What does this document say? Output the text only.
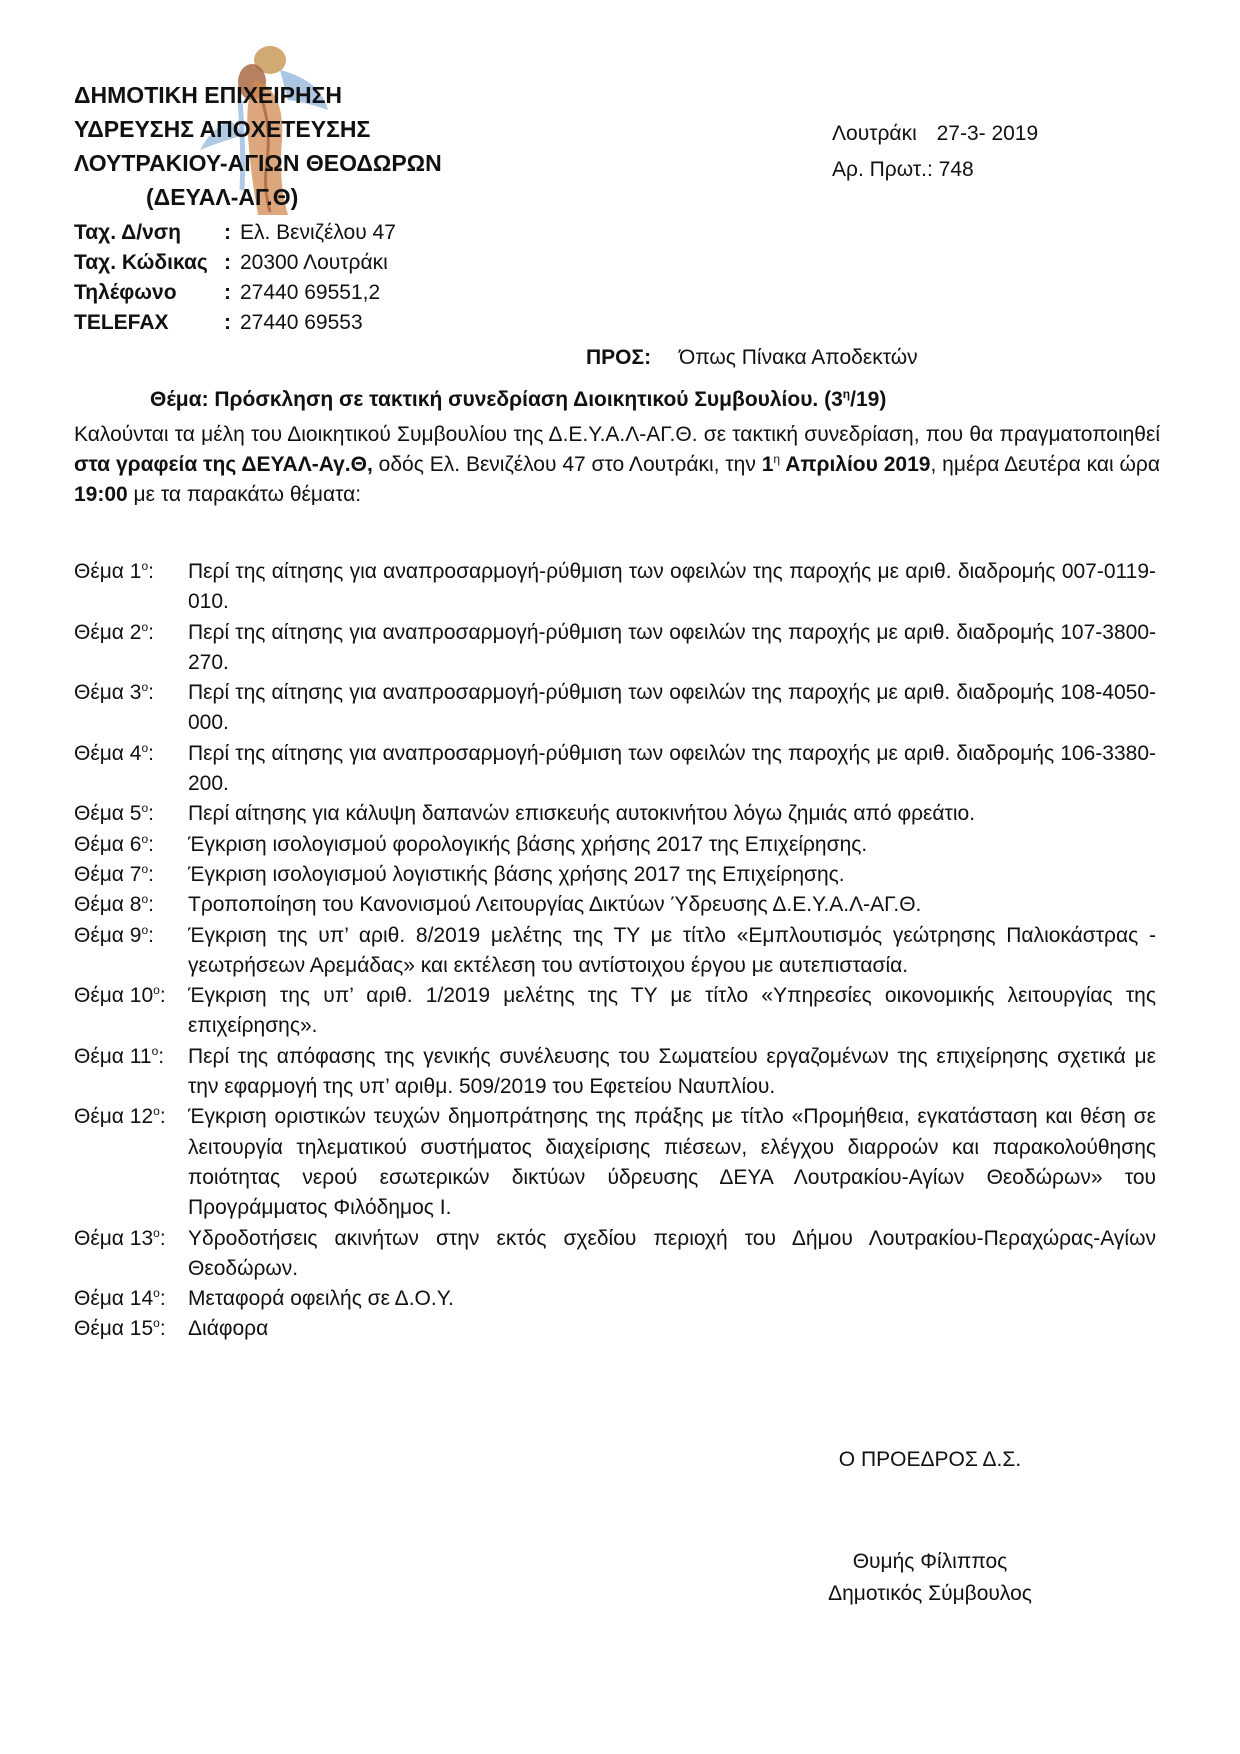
ΔΗΜΟΤΙΚΗ ΕΠΙΧΕΙΡΗΣΗ
ΥΔΡΕΥΣΗΣ ΑΠΟΧΕΤΕΥΣΗΣ
ΛΟΥΤΡΑΚΙΟΥ-ΑΓΙΩΝ ΘΕΟΔΩΡΩΝ
(ΔΕΥΑΛ-ΑΓ.Θ)
Ταχ. Δ/νση	: Ελ. Βενιζέλου 47
Ταχ. Κώδικας : 20300 Λουτράκι
Τηλέφωνο	: 27440 69551,2
TELEFAX	: 27440 69553
Λουτράκι 27-3- 2019
Αρ. Πρωτ.: 748
ΠΡΟΣ: Όπως Πίνακα Αποδεκτών
Θέμα: Πρόσκληση σε τακτική συνεδρίαση Διοικητικού Συμβουλίου. $(3^\eta/19)$
Καλούνται τα μέλη του Διοικητικού Συμβουλίου της Δ.Ε.Υ.Α.Λ-ΑΓ.Θ. σε τακτική συνεδρίαση, που θα πραγματοποιηθεί στα γραφεία της ΔΕΥΑΛ-Αγ.Θ, οδός Ελ. Βενιζέλου 47 στο Λουτράκι, την $1^\eta$ Απριλίου 2019, ημέρα Δευτέρα και ώρα 19:00 με τα παρακάτω θέματα:
Θέμα $1^o$:	Περί της αίτησης για αναπροσαρμογή-ρύθμιση των οφειλών της παροχής με αριθ. διαδρομής 007-0119-010.
Θέμα $2^o$:	Περί της αίτησης για αναπροσαρμογή-ρύθμιση των οφειλών της παροχής με αριθ. διαδρομής 107-3800-270.
Θέμα $3^o$:	Περί της αίτησης για αναπροσαρμογή-ρύθμιση των οφειλών της παροχής με αριθ. διαδρομής 108-4050-000.
Θέμα $4^o$:	Περί της αίτησης για αναπροσαρμογή-ρύθμιση των οφειλών της παροχής με αριθ. διαδρομής 106-3380-200.
Θέμα $5^o$:	Περί αίτησης για κάλυψη δαπανών επισκευής αυτοκινήτου λόγω ζημιάς από φρεάτιο.
Θέμα $6^o$:	Έγκριση ισολογισμού φορολογικής βάσης χρήσης 2017 της Επιχείρησης.
Θέμα $7^o$:	Έγκριση ισολογισμού λογιστικής βάσης χρήσης 2017 της Επιχείρησης.
Θέμα $8^o$:	Τροποποίηση του Κανονισμού Λειτουργίας Δικτύων Ύδρευσης Δ.Ε.Υ.Α.Λ-ΑΓ.Θ.
Θέμα $9^o$:	Έγκριση της υπ’ αριθ. 8/2019 μελέτης της ΤΥ με τίτλο «Εμπλουτισμός γεώτρησης Παλιοκάστρας - γεωτρήσεων Αρεμάδας» και εκτέλεση του αντίστοιχου έργου με αυτεπιστασία.
Θέμα $10^o$:	Έγκριση της υπ’ αριθ. 1/2019 μελέτης της ΤΥ με τίτλο «Υπηρεσίες οικονομικής λειτουργίας της επιχείρησης».
Θέμα $11^o$:	Περί της απόφασης της γενικής συνέλευσης του Σωματείου εργαζομένων της επιχείρησης σχετικά με την εφαρμογή της υπ’ αριθμ. 509/2019 του Εφετείου Ναυπλίου.
Θέμα $12^o$:	Έγκριση οριστικών τευχών δημοπράτησης της πράξης με τίτλο «Προμήθεια, εγκατάσταση και θέση σε λειτουργία τηλεματικού συστήματος διαχείρισης πιέσεων, ελέγχου διαρροών και παρακολούθησης ποιότητας νερού εσωτερικών δικτύων ύδρευσης ΔΕΥΑ Λουτρακίου-Αγίων Θεοδώρων» του Προγράμματος Φιλόδημος Ι.
Θέμα $13^o$:	Υδροδοτήσεις ακινήτων στην εκτός σχεδίου περιοχή του Δήμου Λουτρακίου-Περαχώρας-Αγίων Θεοδώρων.
Θέμα $14^o$:	Μεταφορά οφειλής σε Δ.Ο.Υ.
Θέμα $15^o$:	Διάφορα
Ο ΠΡΟΕΔΡΟΣ Δ.Σ.
Θυμής Φίλιππος
Δημοτικός Σύμβουλος
